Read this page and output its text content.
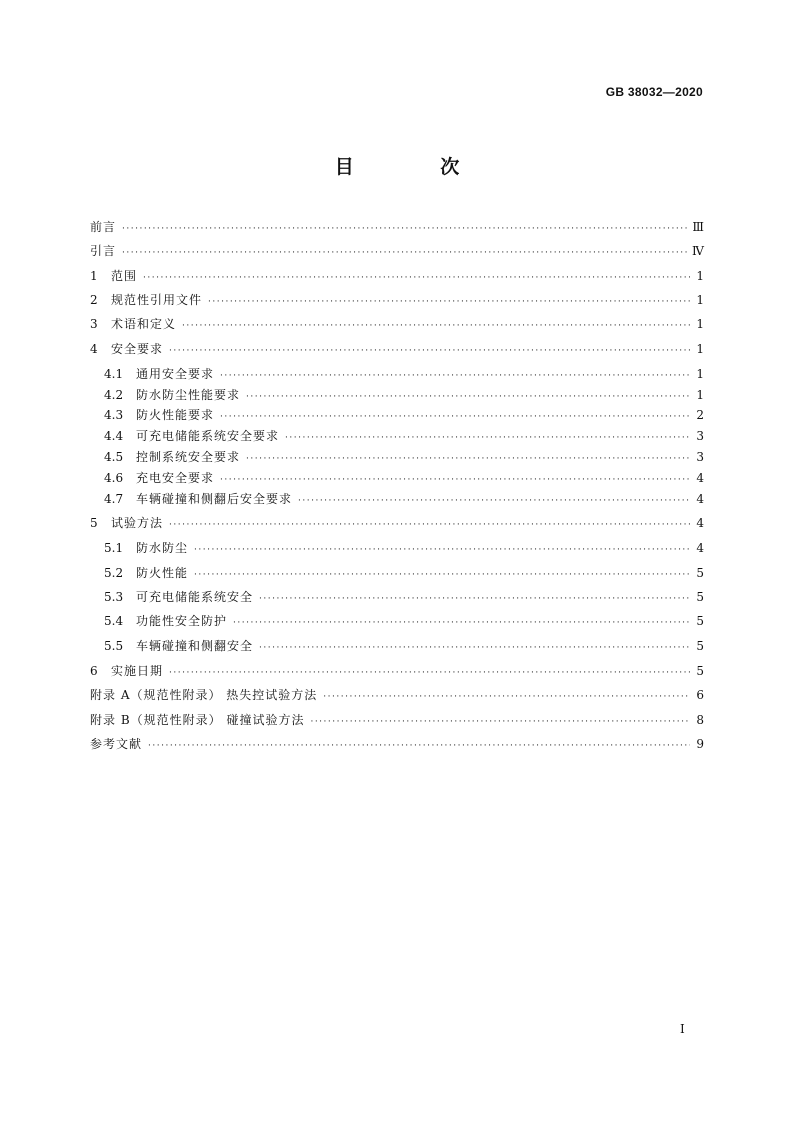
GB 38032—2020
目 次
前言 ·····	Ⅲ
引言 ·····	Ⅳ
1	范围 ·····	1
2	规范性引用文件 ·····	1
3	术语和定义 ·····	1
4	安全要求 ·····	1
4.1	通用安全要求 ·····	1
4.2	防水防尘性能要求 ·····	1
4.3	防火性能要求 ·····	2
4.4	可充电储能系统安全要求 ·····	3
4.5	控制系统安全要求 ·····	3
4.6	充电安全要求 ·····	4
4.7	车辆碰撞和侧翻后安全要求 ·····	4
5	试验方法 ·····	4
5.1	防水防尘 ·····	4
5.2	防火性能 ·····	5
5.3	可充电储能系统安全 ·····	5
5.4	功能性安全防护 ·····	5
5.5	车辆碰撞和侧翻安全 ·····	5
6	实施日期 ·····	5
附录 A（规范性附录） 热失控试验方法 ·····	6
附录 B（规范性附录） 碰撞试验方法 ·····	8
参考文献 ·····	9
I
